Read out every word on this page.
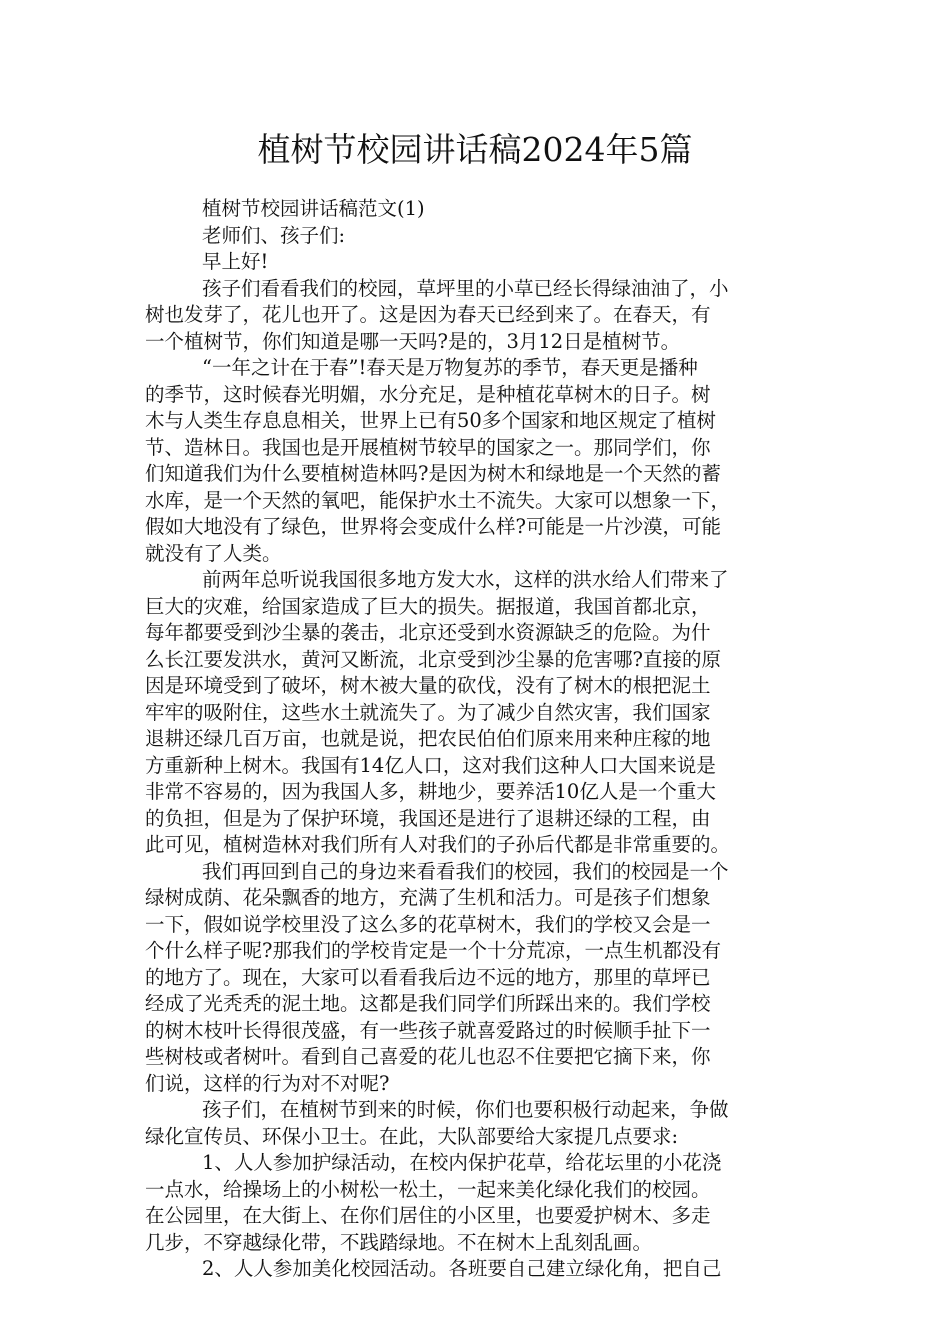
植树节校园讲话稿2024年5篇
植树节校园讲话稿范文(1)
老师们、孩子们:
早上好!
孩子们看看我们的校园，草坪里的小草已经长得绿油油了，小
树也发芽了，花儿也开了。这是因为春天已经到来了。在春天，有
一个植树节，你们知道是哪一天吗?是的，3月12日是植树节。
“一年之计在于春”!春天是万物复苏的季节，春天更是播种
的季节，这时候春光明媚，水分充足，是种植花草树木的日子。树
木与人类生存息息相关，世界上已有50多个国家和地区规定了植树
节、造林日。我国也是开展植树节较早的国家之一。那同学们，你
们知道我们为什么要植树造林吗?是因为树木和绿地是一个天然的蓄
水库，是一个天然的氧吧，能保护水土不流失。大家可以想象一下，
假如大地没有了绿色，世界将会变成什么样?可能是一片沙漠，可能
就没有了人类。
前两年总听说我国很多地方发大水，这样的洪水给人们带来了
巨大的灾难，给国家造成了巨大的损失。据报道，我国首都北京，
每年都要受到沙尘暴的袭击，北京还受到水资源缺乏的危险。为什
么长江要发洪水，黄河又断流，北京受到沙尘暴的危害哪?直接的原
因是环境受到了破坏，树木被大量的砍伐，没有了树木的根把泥土
牢牢的吸附住，这些水土就流失了。为了减少自然灾害，我们国家
退耕还绿几百万亩，也就是说，把农民伯伯们原来用来种庄稼的地
方重新种上树木。我国有14亿人口，这对我们这种人口大国来说是
非常不容易的，因为我国人多，耕地少，要养活10亿人是一个重大
的负担，但是为了保护环境，我国还是进行了退耕还绿的工程，由
此可见，植树造林对我们所有人对我们的子孙后代都是非常重要的。
我们再回到自己的身边来看看我们的校园，我们的校园是一个
绿树成荫、花朵飘香的地方，充满了生机和活力。可是孩子们想象
一下，假如说学校里没了这么多的花草树木，我们的学校又会是一
个什么样子呢?那我们的学校肯定是一个十分荒凉，一点生机都没有
的地方了。现在，大家可以看看我后边不远的地方，那里的草坪已
经成了光秃秃的泥土地。这都是我们同学们所踩出来的。我们学校
的树木枝叶长得很茂盛，有一些孩子就喜爱路过的时候顺手扯下一
些树枝或者树叶。看到自己喜爱的花儿也忍不住要把它摘下来，你
们说，这样的行为对不对呢?
孩子们，在植树节到来的时候，你们也要积极行动起来，争做
绿化宣传员、环保小卫士。在此，大队部要给大家提几点要求:
1、人人参加护绿活动，在校内保护花草，给花坛里的小花浇
一点水，给操场上的小树松一松土，一起来美化绿化我们的校园。
在公园里，在大街上、在你们居住的小区里，也要爱护树木、多走
几步，不穿越绿化带，不践踏绿地。不在树木上乱刻乱画。
2、人人参加美化校园活动。各班要自己建立绿化角，把自己
